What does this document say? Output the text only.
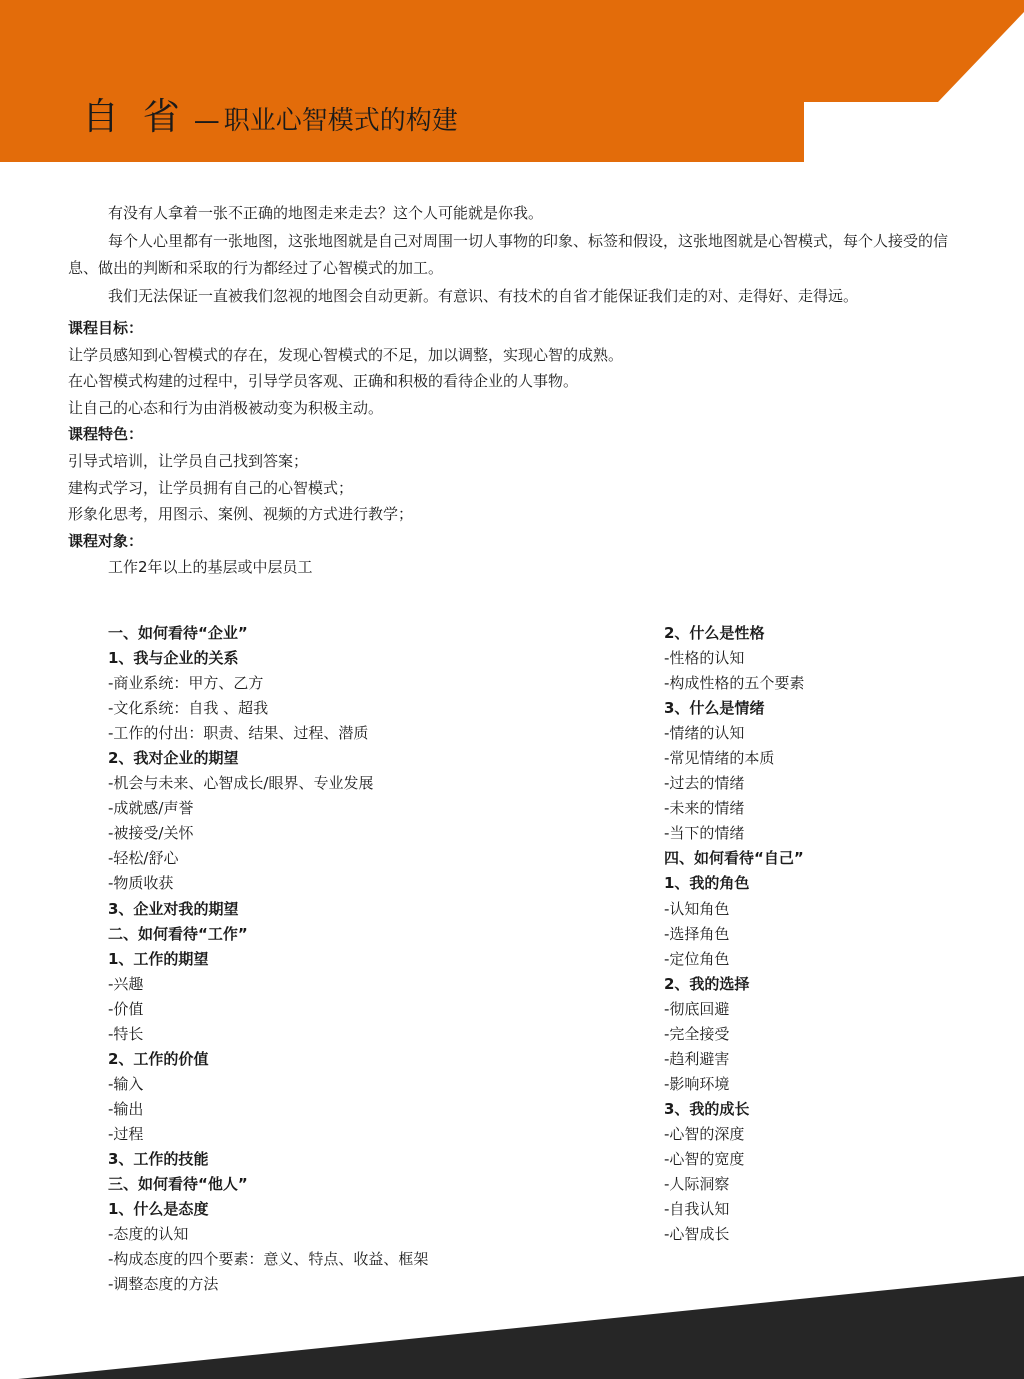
自 省 — 职业心智模式的构建

有没有人拿着一张不正确的地图走来走去？这个人可能就是你我。

每个人心里都有一张地图，这张地图就是自己对周围一切人事物的印象、标签和假设，这张地图就是心智模式，每个人接受的信息、做出的判断和采取的行为都经过了心智模式的加工。

我们无法保证一直被我们忽视的地图会自动更新。有意识、有技术的自省才能保证我们走的对、走得好、走得远。

课程目标：
让学员感知到心智模式的存在，发现心智模式的不足，加以调整，实现心智的成熟。
在心智模式构建的过程中，引导学员客观、正确和积极的看待企业的人事物。
让自己的心态和行为由消极被动变为积极主动。
课程特色：
引导式培训，让学员自己找到答案；
建构式学习，让学员拥有自己的心智模式；
形象化思考，用图示、案例、视频的方式进行教学；
课程对象：
工作2年以上的基层或中层员工
一、如何看待“企业”
1、我与企业的关系
-商业系统：甲方、乙方
-文化系统：自我 、超我
-工作的付出：职责、结果、过程、潜质
2、我对企业的期望
-机会与未来、心智成长/眼界、专业发展
-成就感/声誉
-被接受/关怀
-轻松/舒心
-物质收获
3、企业对我的期望
二、如何看待“工作”
1、工作的期望
-兴趣
-价值
-特长
2、工作的价值
-输入
-输出
-过程
3、工作的技能
三、如何看待“他人”
1、什么是态度
-态度的认知
-构成态度的四个要素：意义、特点、收益、框架
-调整态度的方法
2、什么是性格
-性格的认知
-构成性格的五个要素
3、什么是情绪
-情绪的认知
-常见情绪的本质
-过去的情绪
-未来的情绪
-当下的情绪
四、如何看待“自己”
1、我的角色
-认知角色
-选择角色
-定位角色
2、我的选择
-彻底回避
-完全接受
-趋利避害
-影响环境
3、我的成长
-心智的深度
-心智的宽度
-人际洞察
-自我认知
-心智成长
